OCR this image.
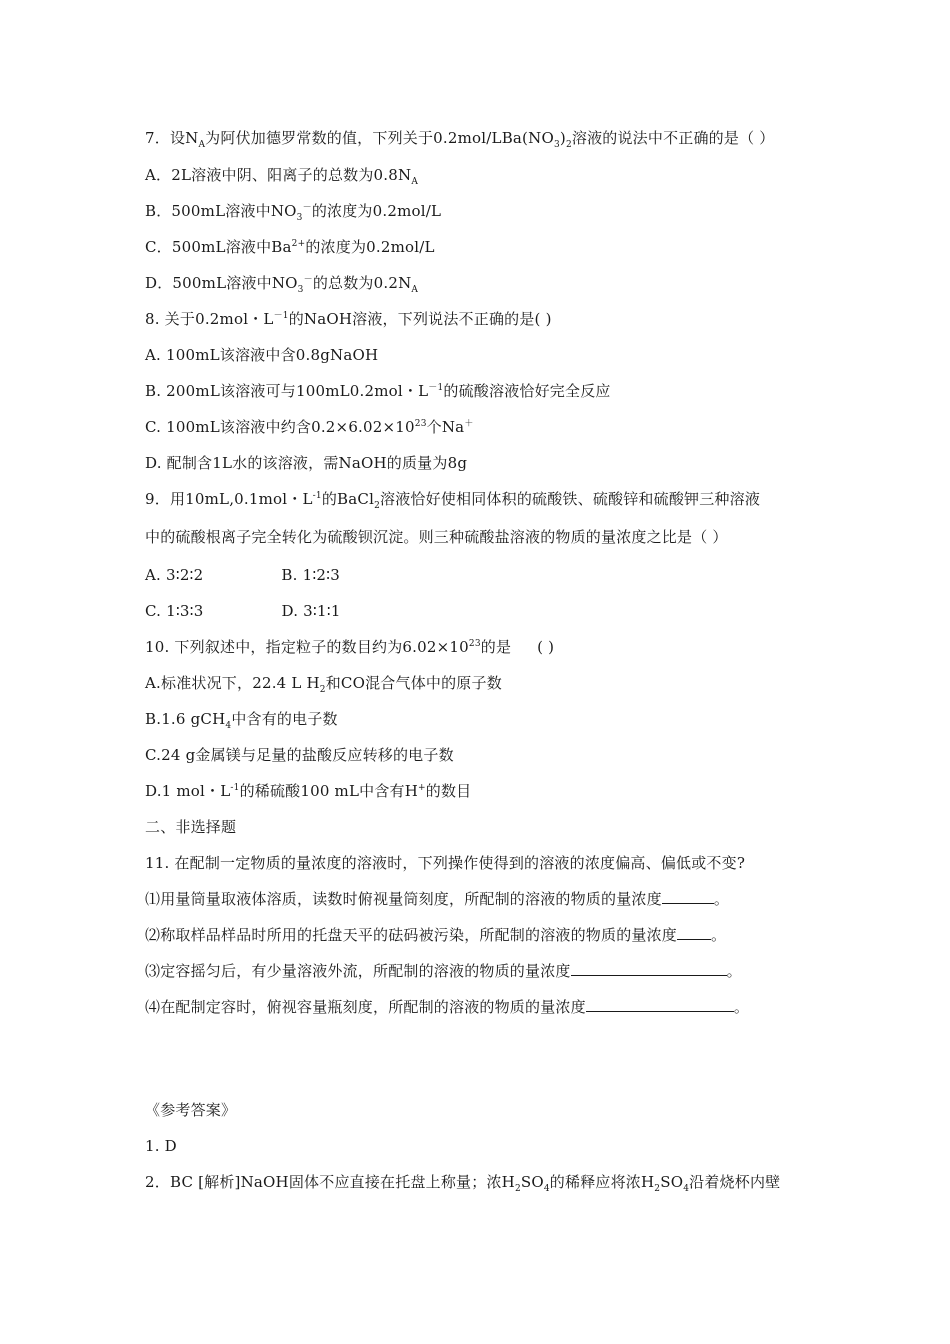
7．设$N_A$为阿伏加德罗常数的值，下列关于$0.2mol/LBa(NO_3)_2$溶液的说法中不正确的是（ ）
A．2L溶液中阴、阳离子的总数为$0.8N_A$
B．500mL溶液中$NO_3^-$的浓度为0.2mol/L
C．500mL溶液中$Ba^{2+}$的浓度为0.2mol/L
D．500mL溶液中$NO_3^-$的总数为$0.2N_A$
8. 关于0.2mol・$L^{-1}$的NaOH溶液，下列说法不正确的是( )
A. 100mL该溶液中含0.8gNaOH
B. 200mL该溶液可与100mL0.2mol・$L^{-1}$的硫酸溶液恰好完全反应
C. 100mL该溶液中约含$0.2\times 6.02\times 10^{23}$个Na＋
D. 配制含1L水的该溶液，需NaOH的质量为8g
9．用10mL,0.1mol・$L^{-1}$的BaCl$_2$溶液恰好使相同体积的硫酸铁、硫酸锌和硫酸钾三种溶液
中的硫酸根离子完全转化为硫酸钡沉淀。则三种硫酸盐溶液的物质的量浓度之比是（ ）
A. 3∶2∶2	B. 1∶2∶3
C. 1∶3∶3	D. 3∶1∶1
10. 下列叙述中，指定粒子的数目约为$6.02\times 10^{23}$的是 ( )
A.标准状况下，22.4 L $H_2$和CO混合气体中的原子数
B.1.6 gCH$_4$中含有的电子数
C.24 g金属镁与足量的盐酸反应转移的电子数
D.1 mol・$L^{-1}$的稀硫酸100 mL中含有H+的数目
二、非选择题
11. 在配制一定物质的量浓度的溶液时，下列操作使得到的溶液的浓度偏高、偏低或不变?
⑴用量筒量取液体溶质，读数时俯视量筒刻度，所配制的溶液的物质的量浓度	。
⑵称取样品样品时所用的托盘天平的砝码被污染，所配制的溶液的物质的量浓度 。
⑶定容摇匀后，有少量溶液外流，所配制的溶液的物质的量浓度	。
⑷在配制定容时，俯视容量瓶刻度，所配制的溶液的物质的量浓度	。
《参考答案》
1. D
2．BC [解析]NaOH固体不应直接在托盘上称量；浓$H_2SO_4$的稀释应将浓$H_2SO_4$沿着烧杯内壁
